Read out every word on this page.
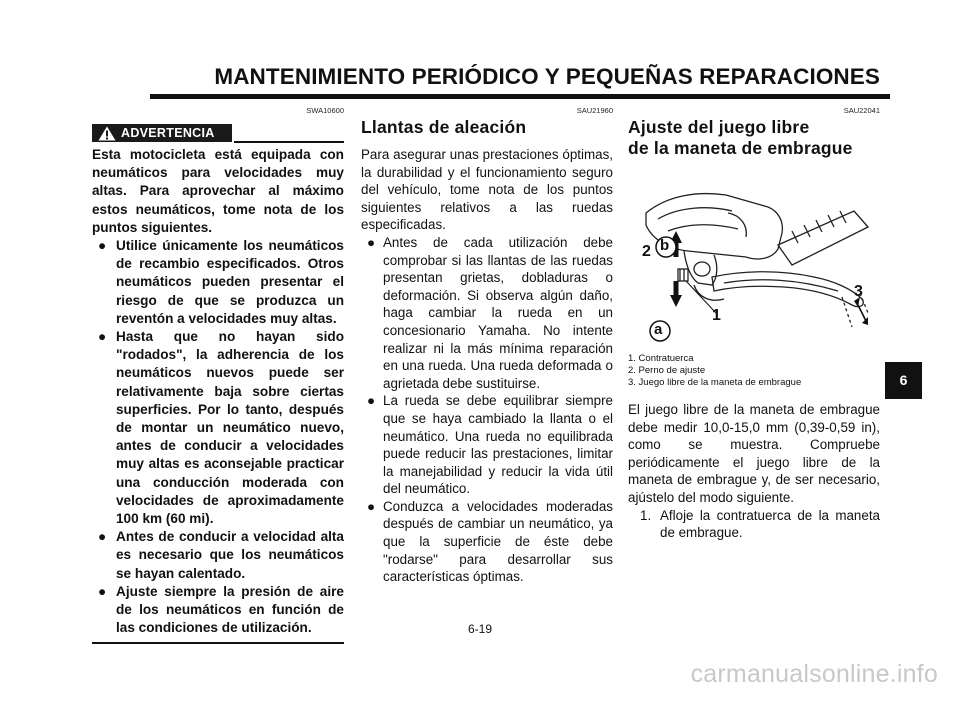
MANTENIMIENTO PERIÓDICO Y PEQUEÑAS REPARACIONES
SWA10600
ADVERTENCIA

Esta motocicleta está equipada con neumáticos para velocidades muy altas. Para aprovechar al máximo estos neumáticos, tome nota de los puntos siguientes.

● Utilice únicamente los neumáticos de recambio especificados. Otros neumáticos pueden presentar el riesgo de que se produzca un reventón a velocidades muy altas.
● Hasta que no hayan sido "rodados", la adherencia de los neumáticos nuevos puede ser relativamente baja sobre ciertas superficies. Por lo tanto, después de montar un neumático nuevo, antes de conducir a velocidades muy altas es aconsejable practicar una conducción moderada con velocidades de aproximadamente 100 km (60 mi).
● Antes de conducir a velocidad alta es necesario que los neumáticos se hayan calentado.
● Ajuste siempre la presión de aire de los neumáticos en función de las condiciones de utilización.
SAU21960
Llantas de aleación

Para asegurar unas prestaciones óptimas, la durabilidad y el funcionamiento seguro del vehículo, tome nota de los puntos siguientes relativos a las ruedas especificadas.

● Antes de cada utilización debe comprobar si las llantas de las ruedas presentan grietas, dobladuras o deformación. Si observa algún daño, haga cambiar la rueda en un concesionario Yamaha. No intente realizar ni la más mínima reparación en una rueda. Una rueda deformada o agrietada debe sustituirse.
● La rueda se debe equilibrar siempre que se haya cambiado la llanta o el neumático. Una rueda no equilibrada puede reducir las prestaciones, limitar la manejabilidad y reducir la vida útil del neumático.
● Conduzca a velocidades moderadas después de cambiar un neumático, ya que la superficie de éste debe "rodarse" para desarrollar sus características óptimas.
SAU22041
Ajuste del juego libre
de la maneta de embrague
b
2
a
1
3
1. Contratuerca
2. Perno de ajuste
3. Juego libre de la maneta de embrague

El juego libre de la maneta de embrague debe medir 10,0-15,0 mm (0,39-0,59 in), como se muestra. Compruebe periódicamente el juego libre de la maneta de embrague y, de ser necesario, ajústelo del modo siguiente.

1. Afloje la contratuerca de la maneta de embrague.
6
6-19
carmanualsonline.info
